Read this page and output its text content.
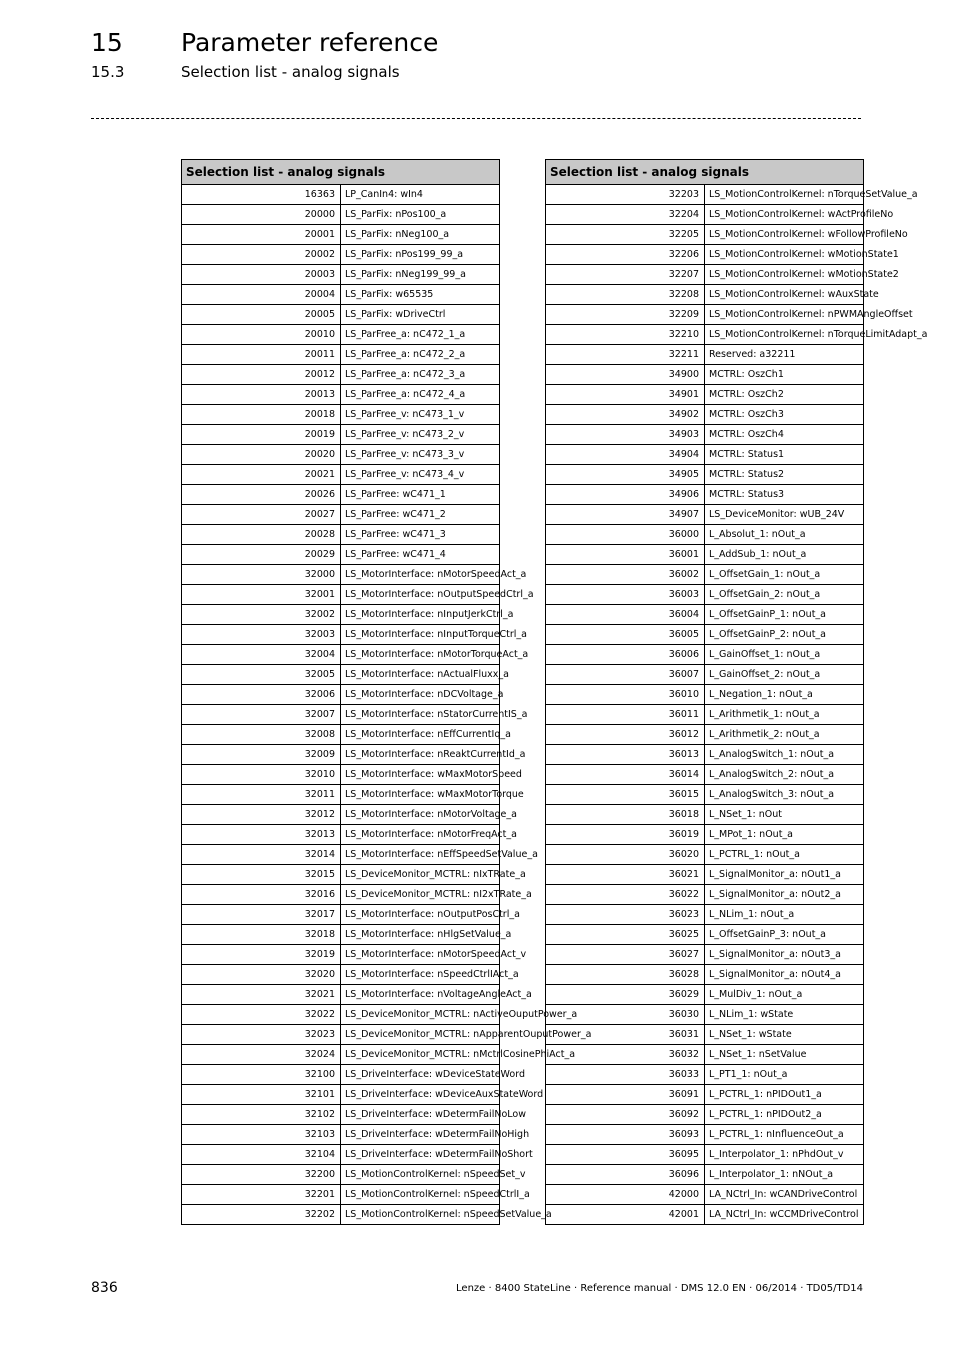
15 Parameter reference
15.3	Selection list - analog signals
Selection list - analog signals	
16363	LP_CanIn4: wIn4
20000	LS_ParFix: nPos100_a
20001	LS_ParFix: nNeg100_a
20002	LS_ParFix: nPos199_99_a
20003	LS_ParFix: nNeg199_99_a
20004	LS_ParFix: w65535
20005	LS_ParFix: wDriveCtrl
20010	LS_ParFree_a: nC472_1_a
20011	LS_ParFree_a: nC472_2_a
20012	LS_ParFree_a: nC472_3_a
20013	LS_ParFree_a: nC472_4_a
20018	LS_ParFree_v: nC473_1_v
20019	LS_ParFree_v: nC473_2_v
20020	LS_ParFree_v: nC473_3_v
20021	LS_ParFree_v: nC473_4_v
20026	LS_ParFree: wC471_1
20027	LS_ParFree: wC471_2
20028	LS_ParFree: wC471_3
20029	LS_ParFree: wC471_4
32000	LS_MotorInterface: nMotorSpeedAct_a
32001	LS_MotorInterface: nOutputSpeedCtrl_a
32002	LS_MotorInterface: nInputJerkCtrl_a
32003	LS_MotorInterface: nInputTorqueCtrl_a
32004	LS_MotorInterface: nMotorTorqueAct_a
32005	LS_MotorInterface: nActualFluxx_a
32006	LS_MotorInterface: nDCVoltage_a
32007	LS_MotorInterface: nStatorCurrentIS_a
32008	LS_MotorInterface: nEffCurrentIq_a
32009	LS_MotorInterface: nReaktCurrentId_a
32010	LS_MotorInterface: wMaxMotorSpeed
32011	LS_MotorInterface: wMaxMotorTorque
32012	LS_MotorInterface: nMotorVoltage_a
32013	LS_MotorInterface: nMotorFreqAct_a
32014	LS_MotorInterface: nEffSpeedSetValue_a
32015	LS_DeviceMonitor_MCTRL: nIxTRate_a
32016	LS_DeviceMonitor_MCTRL: nI2xTRate_a
32017	LS_MotorInterface: nOutputPosCtrl_a
32018	LS_MotorInterface: nHlgSetValue_a
32019	LS_MotorInterface: nMotorSpeedAct_v
32020	LS_MotorInterface: nSpeedCtrlIAct_a
32021	LS_MotorInterface: nVoltageAngleAct_a
32022	LS_DeviceMonitor_MCTRL: nActiveOuputPower_a
32023	LS_DeviceMonitor_MCTRL: nApparentOuputPower_a
32024	LS_DeviceMonitor_MCTRL: nMctrlCosinePhiAct_a
32100	LS_DriveInterface: wDeviceStateWord
32101	LS_DriveInterface: wDeviceAuxStateWord
32102	LS_DriveInterface: wDetermFailNoLow
32103	LS_DriveInterface: wDetermFailNoHigh
32104	LS_DriveInterface: wDetermFailNoShort
32200	LS_MotionControlKernel: nSpeedSet_v
32201	LS_MotionControlKernel: nSpeedCtrlI_a
32202	LS_MotionControlKernel: nSpeedSetValue_a
Selection list - analog signals	
32203	LS_MotionControlKernel: nTorqueSetValue_a
32204	LS_MotionControlKernel: wActProfileNo
32205	LS_MotionControlKernel: wFollowProfileNo
32206	LS_MotionControlKernel: wMotionState1
32207	LS_MotionControlKernel: wMotionState2
32208	LS_MotionControlKernel: wAuxState
32209	LS_MotionControlKernel: nPWMAngleOffset
32210	LS_MotionControlKernel: nTorqueLimitAdapt_a
32211	Reserved: a32211
34900	MCTRL: OszCh1
34901	MCTRL: OszCh2
34902	MCTRL: OszCh3
34903	MCTRL: OszCh4
34904	MCTRL: Status1
34905	MCTRL: Status2
34906	MCTRL: Status3
34907	LS_DeviceMonitor: wUB_24V
36000	L_Absolut_1: nOut_a
36001	L_AddSub_1: nOut_a
36002	L_OffsetGain_1: nOut_a
36003	L_OffsetGain_2: nOut_a
36004	L_OffsetGainP_1: nOut_a
36005	L_OffsetGainP_2: nOut_a
36006	L_GainOffset_1: nOut_a
36007	L_GainOffset_2: nOut_a
36010	L_Negation_1: nOut_a
36011	L_Arithmetik_1: nOut_a
36012	L_Arithmetik_2: nOut_a
36013	L_AnalogSwitch_1: nOut_a
36014	L_AnalogSwitch_2: nOut_a
36015	L_AnalogSwitch_3: nOut_a
36018	L_NSet_1: nOut
36019	L_MPot_1: nOut_a
36020	L_PCTRL_1: nOut_a
36021	L_SignalMonitor_a: nOut1_a
36022	L_SignalMonitor_a: nOut2_a
36023	L_NLim_1: nOut_a
36025	L_OffsetGainP_3: nOut_a
36027	L_SignalMonitor_a: nOut3_a
36028	L_SignalMonitor_a: nOut4_a
36029	L_MulDiv_1: nOut_a
36030	L_NLim_1: wState
36031	L_NSet_1: wState
36032	L_NSet_1: nSetValue
36033	L_PT1_1: nOut_a
36091	L_PCTRL_1: nPIDOut1_a
36092	L_PCTRL_1: nPIDOut2_a
36093	L_PCTRL_1: nInfluenceOut_a
36095	L_Interpolator_1: nPhdOut_v
36096	L_Interpolator_1: nNOut_a
42000	LA_NCtrl_In: wCANDriveControl
42001	LA_NCtrl_In: wCCMDriveControl
836	Lenze · 8400 StateLine · Reference manual · DMS 12.0 EN · 06/2014 · TD05/TD14
